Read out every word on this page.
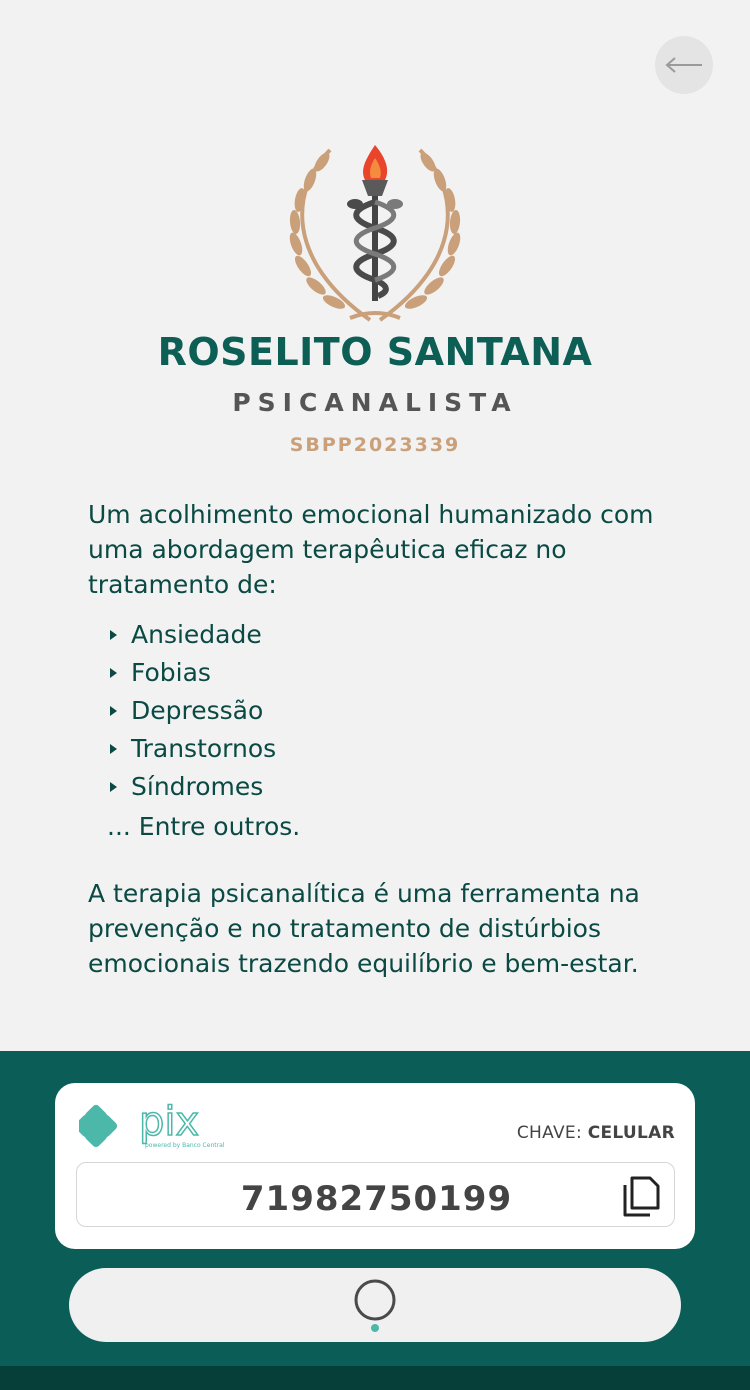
ROSELITO SANTANA
PSICANALISTA
SBPP2023339
Um acolhimento emocional humanizado com uma abordagem terapêutica eficaz no tratamento de:
Ansiedade
Fobias
Depressão
Transtornos
Síndromes
... Entre outros.
A terapia psicanalítica é uma ferramenta na prevenção e no tratamento de distúrbios emocionais trazendo equilíbrio e bem-estar.
pix
powered by Banco Central
CHAVE: CELULAR
71982750199
